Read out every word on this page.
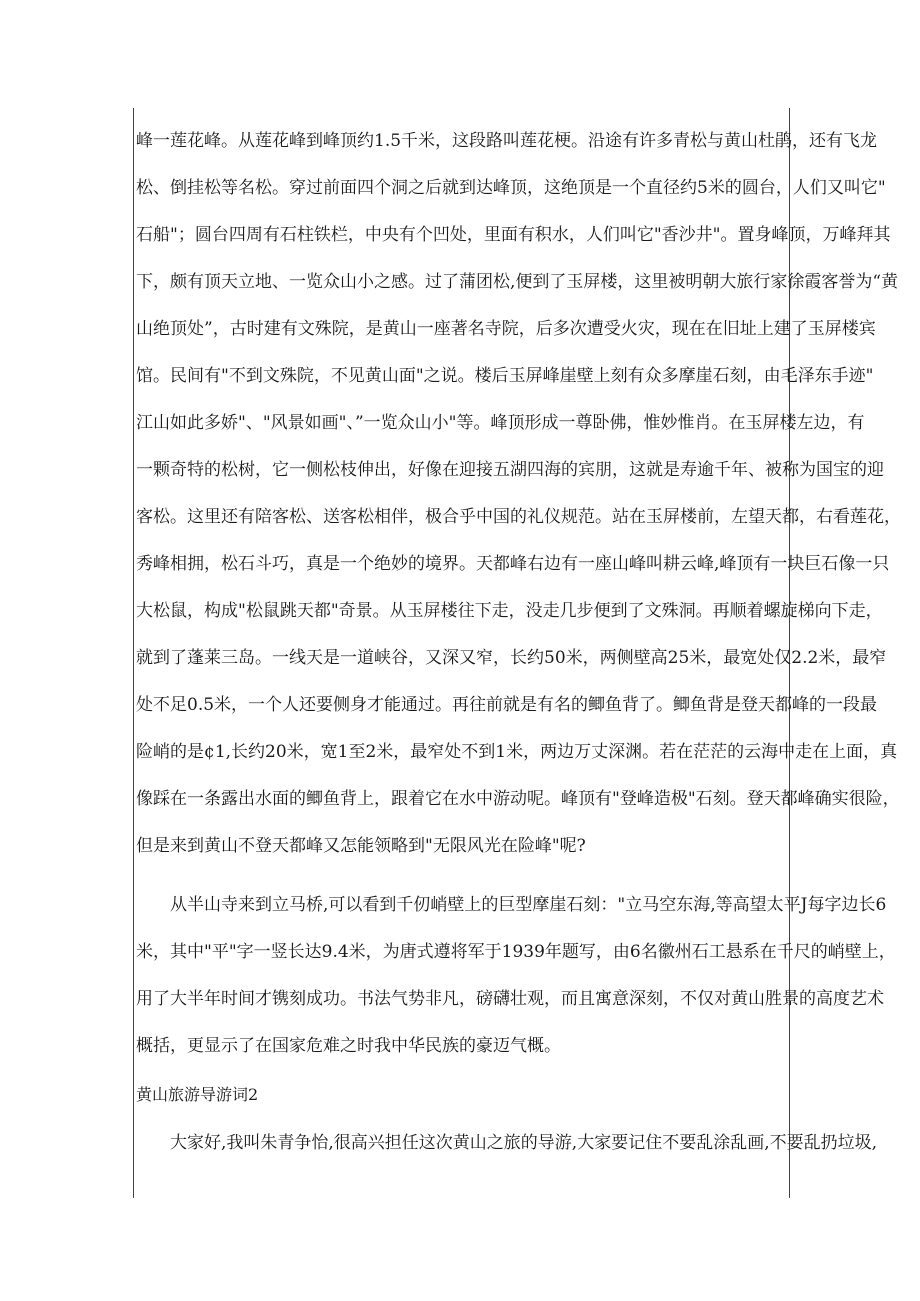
峰一莲花峰。从莲花峰到峰顶约1.5千米，这段路叫莲花梗。沿途有许多青松与黄山杜鹃，还有飞龙
松、倒挂松等名松。穿过前面四个洞之后就到达峰顶，这绝顶是一个直径约5米的圆台，人们又叫它"
石船"；圆台四周有石柱铁栏，中央有个凹处，里面有积水，人们叫它"香沙井"。置身峰顶，万峰拜其
下，颇有顶天立地、一览众山小之感。过了蒲团松,便到了玉屏楼，这里被明朝大旅行家徐霞客誉为“黄
山绝顶处”，古时建有文殊院，是黄山一座著名寺院，后多次遭受火灾，现在在旧址上建了玉屏楼宾
馆。民间有"不到文殊院，不见黄山面"之说。楼后玉屏峰崖壁上刻有众多摩崖石刻，由毛泽东手迹"
江山如此多娇"、"风景如画"、”一览众山小"等。峰顶形成一尊卧佛，惟妙惟肖。在玉屏楼左边，有
一颗奇特的松树，它一侧松枝伸出，好像在迎接五湖四海的宾朋，这就是寿逾千年、被称为国宝的迎
客松。这里还有陪客松、送客松相伴，极合乎中国的礼仪规范。站在玉屏楼前，左望天都，右看莲花，
秀峰相拥，松石斗巧，真是一个绝妙的境界。天都峰右边有一座山峰叫耕云峰,峰顶有一块巨石像一只
大松鼠，构成"松鼠跳天都"奇景。从玉屏楼往下走，没走几步便到了文殊洞。再顺着螺旋梯向下走，
就到了蓬莱三岛。一线天是一道峡谷，又深又窄，长约50米，两侧壁高25米，最宽处仅2.2米，最窄
处不足0.5米，一个人还要侧身才能通过。再往前就是有名的鲫鱼背了。鲫鱼背是登天都峰的一段最
险峭的是¢1,长约20米，宽1至2米，最窄处不到1米，两边万丈深渊。若在茫茫的云海中走在上面，真
像踩在一条露出水面的鲫鱼背上，跟着它在水中游动呢。峰顶有"登峰造极"石刻。登天都峰确实很险，
但是来到黄山不登天都峰又怎能领略到"无限风光在险峰"呢?
从半山寺来到立马桥,可以看到千仞峭壁上的巨型摩崖石刻："立马空东海,等高望太平J每字边长6
米，其中"平"字一竖长达9.4米，为唐式遵将军于1939年题写，由6名徽州石工悬系在千尺的峭壁上，
用了大半年时间才镌刻成功。书法气势非凡，磅礴壮观，而且寓意深刻，不仅对黄山胜景的高度艺术
概括，更显示了在国家危难之时我中华民族的豪迈气概。
黄山旅游导游词2
大家好,我叫朱青争怡,很高兴担任这次黄山之旅的导游,大家要记住不要乱涂乱画,不要乱扔垃圾,
